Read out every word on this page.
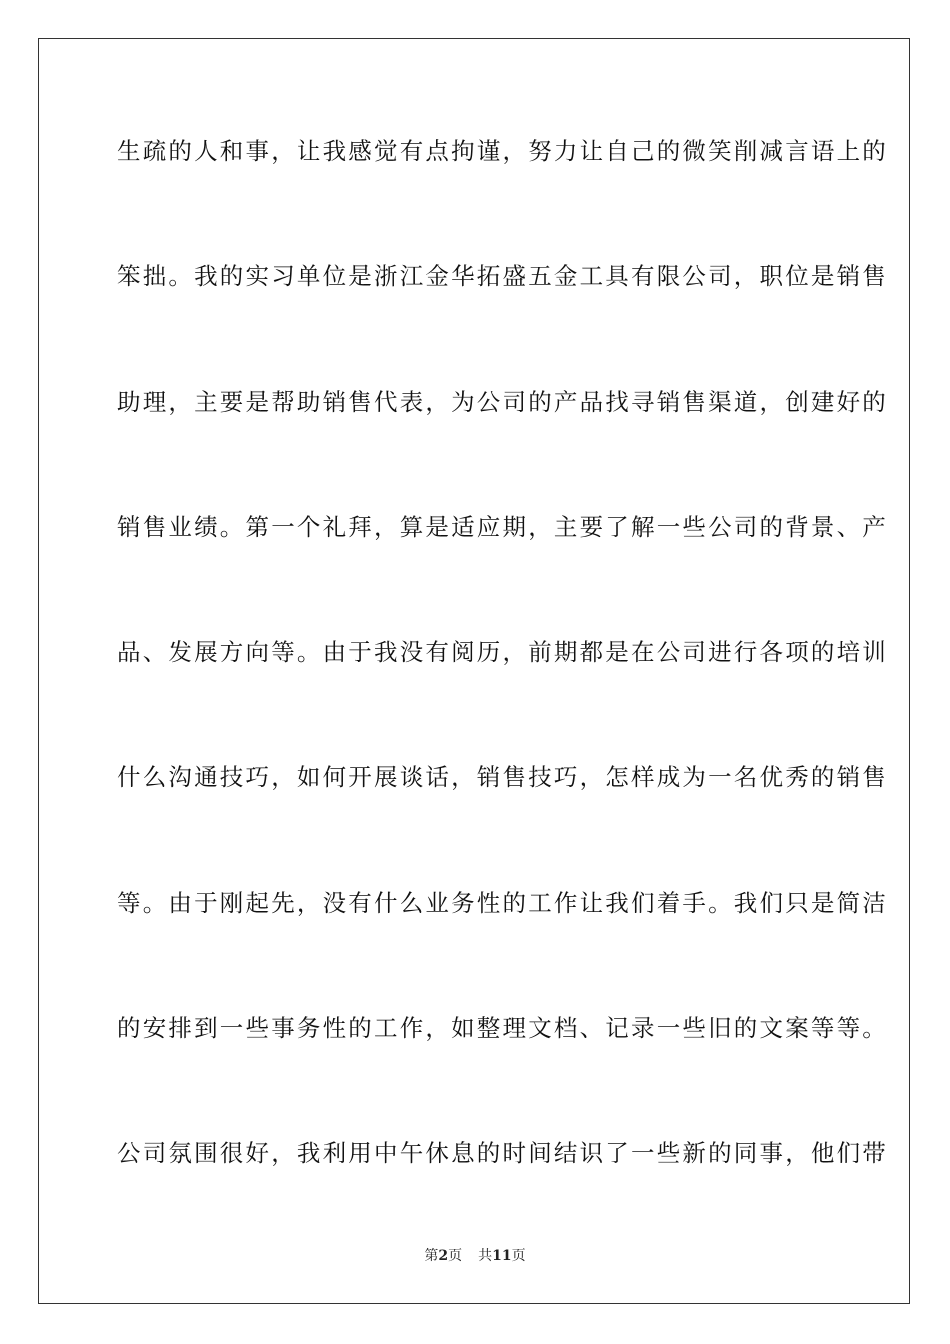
生疏的人和事，让我感觉有点拘谨，努力让自己的微笑削减言语上的
笨拙。我的实习单位是浙江金华拓盛五金工具有限公司，职位是销售
助理，主要是帮助销售代表，为公司的产品找寻销售渠道，创建好的
销售业绩。第一个礼拜，算是适应期，主要了解一些公司的背景、产
品、发展方向等。由于我没有阅历，前期都是在公司进行各项的培训
什么沟通技巧，如何开展谈话，销售技巧，怎样成为一名优秀的销售
等。由于刚起先，没有什么业务性的工作让我们着手。我们只是简洁
的安排到一些事务性的工作，如整理文档、记录一些旧的文案等等。
公司氛围很好，我利用中午休息的时间结识了一些新的同事，他们带
第2页 共11页
